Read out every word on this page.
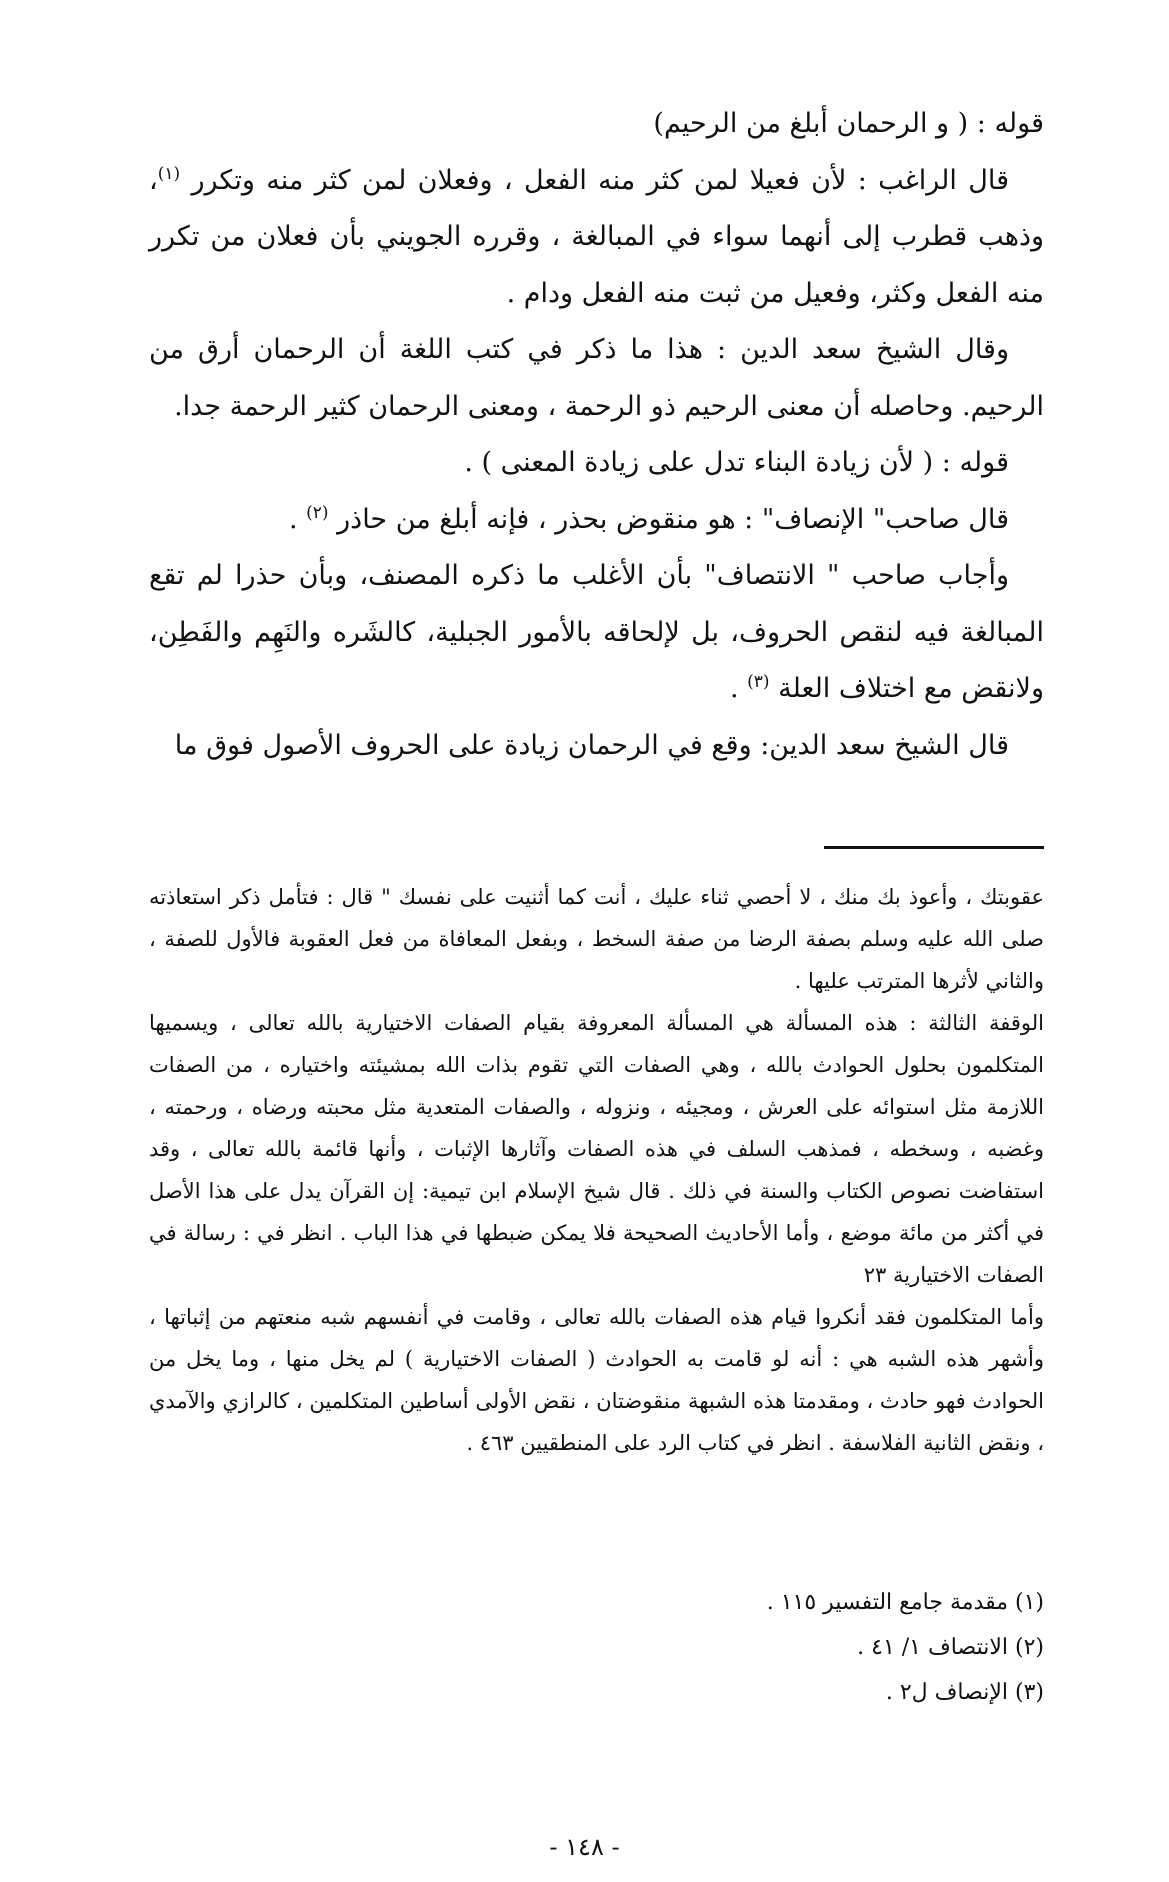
قوله : ( و الرحمان أبلغ من الرحيم)

قال الراغب : لأن فعيلا لمن كثر منه الفعل ، وفعلان لمن كثر منه وتكرر $^{(١)}$، وذهب قطرب إلى أنهما سواء في المبالغة ، وقرره الجويني بأن فعلان من تكرر منه الفعل وكثر، وفعيل من ثبت منه الفعل ودام .

وقال الشيخ سعد الدين : هذا ما ذكر في كتب اللغة أن الرحمان أرق من الرحيم. وحاصله أن معنى الرحيم ذو الرحمة ، ومعنى الرحمان كثير الرحمة جدا.

قوله : ( لأن زيادة البناء تدل على زيادة المعنى ) .

قال صاحب" الإنصاف" : هو منقوض بحذر ، فإنه أبلغ من حاذر $^{(٢)}$ .

وأجاب صاحب " الانتصاف" بأن الأغلب ما ذكره المصنف، وبأن حذرا لم تقع المبالغة فيه لنقص الحروف، بل لإلحاقه بالأمور الجبلية، كالشَره والنَهِم والفَطِن، ولانقض مع اختلاف العلة $^{(٣)}$ .

قال الشيخ سعد الدين: وقع في الرحمان زيادة على الحروف الأصول فوق ما

عقوبتك ، وأعوذ بك منك ، لا أحصي ثناء عليك ، أنت كما أثنيت على نفسك " قال : فتأمل ذكر استعاذته صلى الله عليه وسلم بصفة الرضا من صفة السخط ، وبفعل المعافاة من فعل العقوبة فالأول للصفة ، والثاني لأثرها المترتب عليها .

الوقفة الثالثة : هذه المسألة هي المسألة المعروفة بقيام الصفات الاختيارية بالله تعالى ، ويسميها المتكلمون بحلول الحوادث بالله ، وهي الصفات التي تقوم بذات الله بمشيئته واختياره ، من الصفات اللازمة مثل استوائه على العرش ، ومجيئه ، ونزوله ، والصفات المتعدية مثل محبته ورضاه ، ورحمته ، وغضبه ، وسخطه ، فمذهب السلف في هذه الصفات وآثارها الإثبات ، وأنها قائمة بالله تعالى ، وقد استفاضت نصوص الكتاب والسنة في ذلك . قال شيخ الإسلام ابن تيمية: إن القرآن يدل على هذا الأصل في أكثر من مائة موضع ، وأما الأحاديث الصحيحة فلا يمكن ضبطها في هذا الباب . انظر في : رسالة في الصفات الاختيارية ٢٣

وأما المتكلمون فقد أنكروا قيام هذه الصفات بالله تعالى ، وقامت في أنفسهم شبه منعتهم من إثباتها ، وأشهر هذه الشبه هي : أنه لو قامت به الحوادث ( الصفات الاختيارية ) لم يخل منها ، وما يخل من الحوادث فهو حادث ، ومقدمتا هذه الشبهة منقوضتان ، نقض الأولى أساطين المتكلمين ، كالرازي والآمدي ، ونقض الثانية الفلاسفة . انظر في كتاب الرد على المنطقيين ٤٦٣ .

(١) مقدمة جامع التفسير ١١٥ .

(٢) الانتصاف ١/ ٤١ .

(٣) الإنصاف ل٢ .

- ١٤٨ -
